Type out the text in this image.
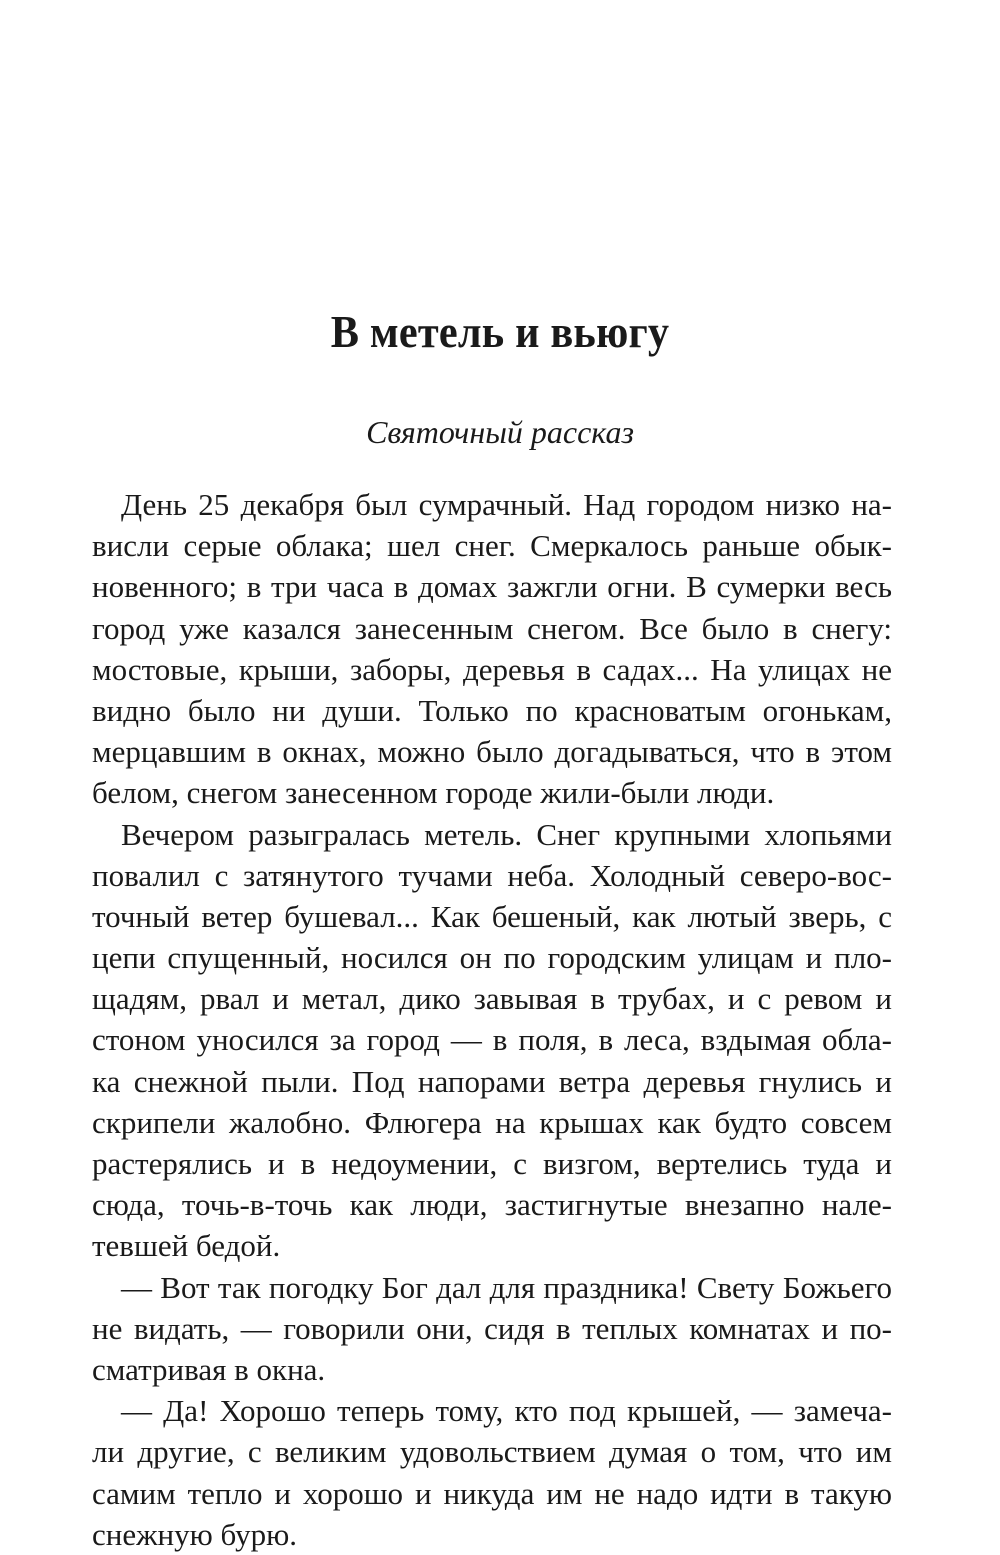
В метель и вьюгу
Святочный рассказ
День 25 декабря был сумрачный. Над городом низко на-
висли серые облака; шел снег. Смеркалось раньше обык-
новенного; в три часа в домах зажгли огни. В сумерки весь
город уже казался занесенным снегом. Все было в снегу:
мостовые, крыши, заборы, деревья в садах... На улицах не
видно было ни души. Только по красноватым огонькам,
мерцавшим в окнах, можно было догадываться, что в этом
белом, снегом занесенном городе жили-были люди.
Вечером разыгралась метель. Снег крупными хлопьями
повалил с затянутого тучами неба. Холодный северо-вос-
точный ветер бушевал... Как бешеный, как лютый зверь, с
цепи спущенный, носился он по городским улицам и пло-
щадям, рвал и метал, дико завывая в трубах, и с ревом и
стоном уносился за город — в поля, в леса, вздымая обла-
ка снежной пыли. Под напорами ветра деревья гнулись и
скрипели жалобно. Флюгера на крышах как будто совсем
растерялись и в недоумении, с визгом, вертелись туда и
сюда, точь-в-точь как люди, застигнутые внезапно нале-
тевшей бедой.
— Вот так погодку Бог дал для праздника! Свету Божьего
не видать, — говорили они, сидя в теплых комнатах и по-
сматривая в окна.
— Да! Хорошо теперь тому, кто под крышей, — замеча-
ли другие, с великим удовольствием думая о том, что им
самим тепло и хорошо и никуда им не надо идти в такую
снежную бурю.
